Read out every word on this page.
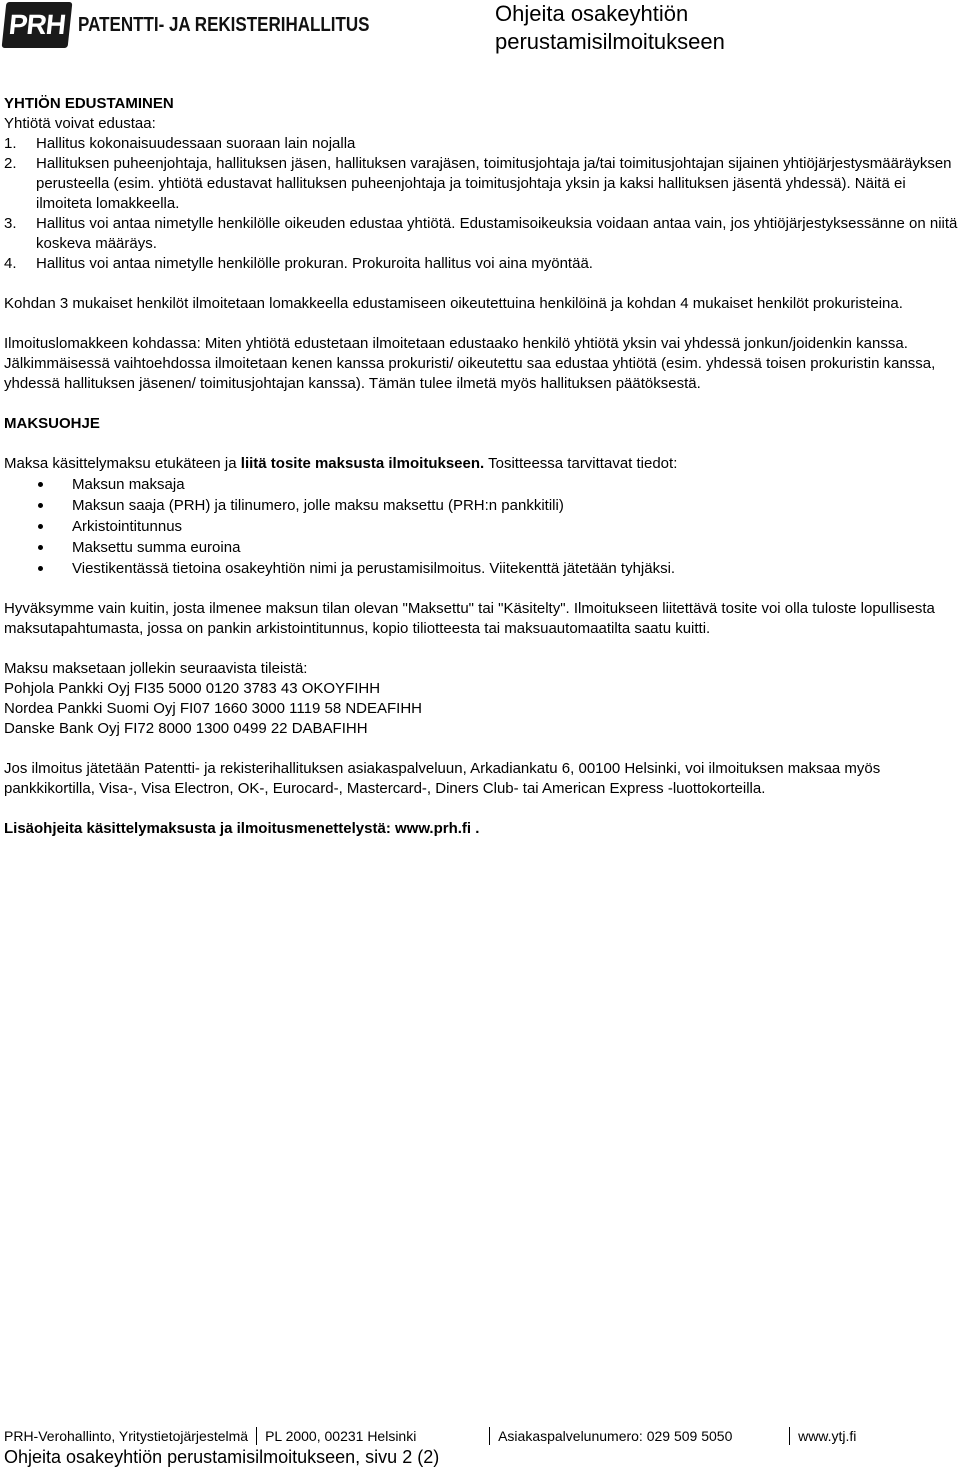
PRH PATENTTI- JA REKISTERIHALLITUS	Ohjeita osakeyhtiön
perustamisilmoitukseen

YHTIÖN EDUSTAMINEN

Yhtiötä voivat edustaa:

1.	Hallitus kokonaisuudessaan suoraan lain nojalla
2.	Hallituksen puheenjohtaja, hallituksen jäsen, hallituksen varajäsen, toimitusjohtaja ja/tai toimitusjohtajan sijainen yhtiöjärjestysmääräyksen perusteella (esim. yhtiötä edustavat hallituksen puheenjohtaja ja toimitusjohtaja yksin ja kaksi hallituksen jäsentä yhdessä). Näitä ei ilmoiteta lomakkeella.
3.	Hallitus voi antaa nimetylle henkilölle oikeuden edustaa yhtiötä. Edustamisoikeuksia voidaan antaa vain, jos yhtiöjärjestyksessänne on niitä koskeva määräys.
4.	Hallitus voi antaa nimetylle henkilölle prokuran. Prokuroita hallitus voi aina myöntää.

Kohdan 3 mukaiset henkilöt ilmoitetaan lomakkeella edustamiseen oikeutettuina henkilöinä ja kohdan 4 mukaiset henkilöt prokuristeina.

Ilmoituslomakkeen kohdassa: Miten yhtiötä edustetaan ilmoitetaan edustaako henkilö yhtiötä yksin vai yhdessä jonkun/joidenkin kanssa. Jälkimmäisessä vaihtoehdossa ilmoitetaan kenen kanssa prokuristi/ oikeutettu saa edustaa yhtiötä (esim. yhdessä toisen prokuristin kanssa, yhdessä hallituksen jäsenen/ toimitusjohtajan kanssa). Tämän tulee ilmetä myös hallituksen päätöksestä.

MAKSUOHJE

Maksa käsittelymaksu etukäteen ja liitä tosite maksusta ilmoitukseen. Tositteessa tarvittavat tiedot:

Maksun maksaja
Maksun saaja (PRH) ja tilinumero, jolle maksu maksettu (PRH:n pankkitili)
Arkistointitunnus
Maksettu summa euroina
Viestikentässä tietoina osakeyhtiön nimi ja perustamisilmoitus. Viitekenttä jätetään tyhjäksi.

Hyväksymme vain kuitin, josta ilmenee maksun tilan olevan "Maksettu" tai "Käsitelty". Ilmoitukseen liitettävä tosite voi olla tuloste lopullisesta maksutapahtumasta, jossa on pankin arkistointitunnus, kopio tiliotteesta tai maksuautomaatilta saatu kuitti.

Maksu maksetaan jollekin seuraavista tileistä:

Pohjola Pankki Oyj FI35 5000 0120 3783 43 OKOYFIHH

Nordea Pankki Suomi Oyj FI07 1660 3000 1119 58 NDEAFIHH

Danske Bank Oyj FI72 8000 1300 0499 22 DABAFIHH

Jos ilmoitus jätetään Patentti- ja rekisterihallituksen asiakaspalveluun, Arkadiankatu 6, 00100 Helsinki, voi ilmoituksen maksaa myös pankkikortilla, Visa-, Visa Electron, OK-, Eurocard-, Mastercard-, Diners Club- tai American Express -luottokorteilla.

Lisäohjeita käsittelymaksusta ja ilmoitusmenettelystä: www.prh.fi .

PRH-Verohallinto, Yritystietojärjestelmä	PL 2000, 00231 Helsinki	Asiakaspalvelunumero: 029 509 5050	www.ytj.fi
Ohjeita osakeyhtiön perustamisilmoitukseen, sivu 2 (2)
